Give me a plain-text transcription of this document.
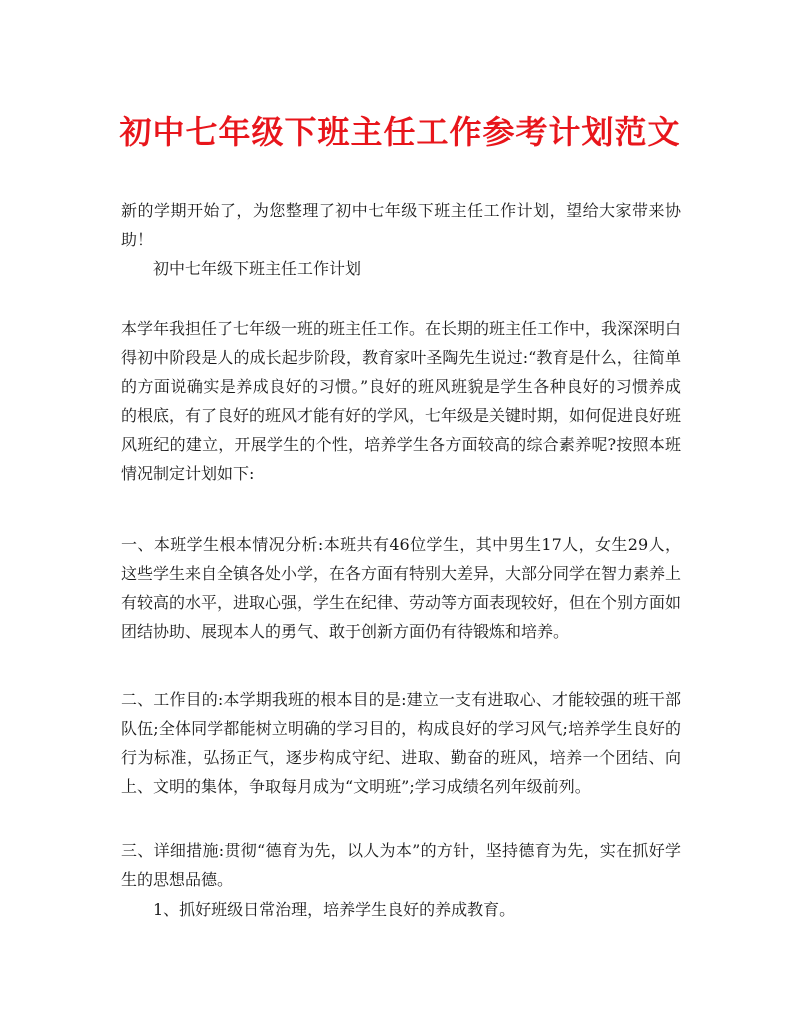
初中七年级下班主任工作参考计划范文
新的学期开始了，为您整理了初中七年级下班主任工作计划，望给大家带来协助！
初中七年级下班主任工作计划
本学年我担任了七年级一班的班主任工作。在长期的班主任工作中，我深深明白得初中阶段是人的成长起步阶段，教育家叶圣陶先生说过:“教育是什么，往简单的方面说确实是养成良好的习惯。”良好的班风班貌是学生各种良好的习惯养成的根底，有了良好的班风才能有好的学风，七年级是关键时期，如何促进良好班风班纪的建立，开展学生的个性，培养学生各方面较高的综合素养呢?按照本班情况制定计划如下:
一、本班学生根本情况分析:本班共有46位学生，其中男生17人，女生29人，这些学生来自全镇各处小学，在各方面有特别大差异，大部分同学在智力素养上有较高的水平，进取心强，学生在纪律、劳动等方面表现较好，但在个别方面如团结协助、展现本人的勇气、敢于创新方面仍有待锻炼和培养。
二、工作目的:本学期我班的根本目的是:建立一支有进取心、才能较强的班干部队伍;全体同学都能树立明确的学习目的，构成良好的学习风气;培养学生良好的行为标准，弘扬正气，逐步构成守纪、进取、勤奋的班风，培养一个团结、向上、文明的集体，争取每月成为“文明班”;学习成绩名列年级前列。
三、详细措施:贯彻“德育为先，以人为本”的方针，坚持德育为先，实在抓好学生的思想品德。
1、抓好班级日常治理，培养学生良好的养成教育。
